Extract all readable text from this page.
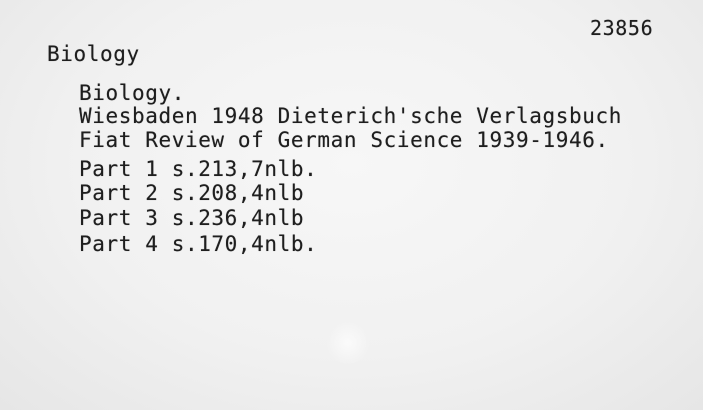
23856
Biology
Biology.
Wiesbaden 1948 Dieterich'sche Verlagsbuch
Fiat Review of German Science 1939-1946.
Part 1 s.213,7nlb.
Part 2 s.208,4nlb
Part 3 s.236,4nlb
Part 4 s.170,4nlb.
